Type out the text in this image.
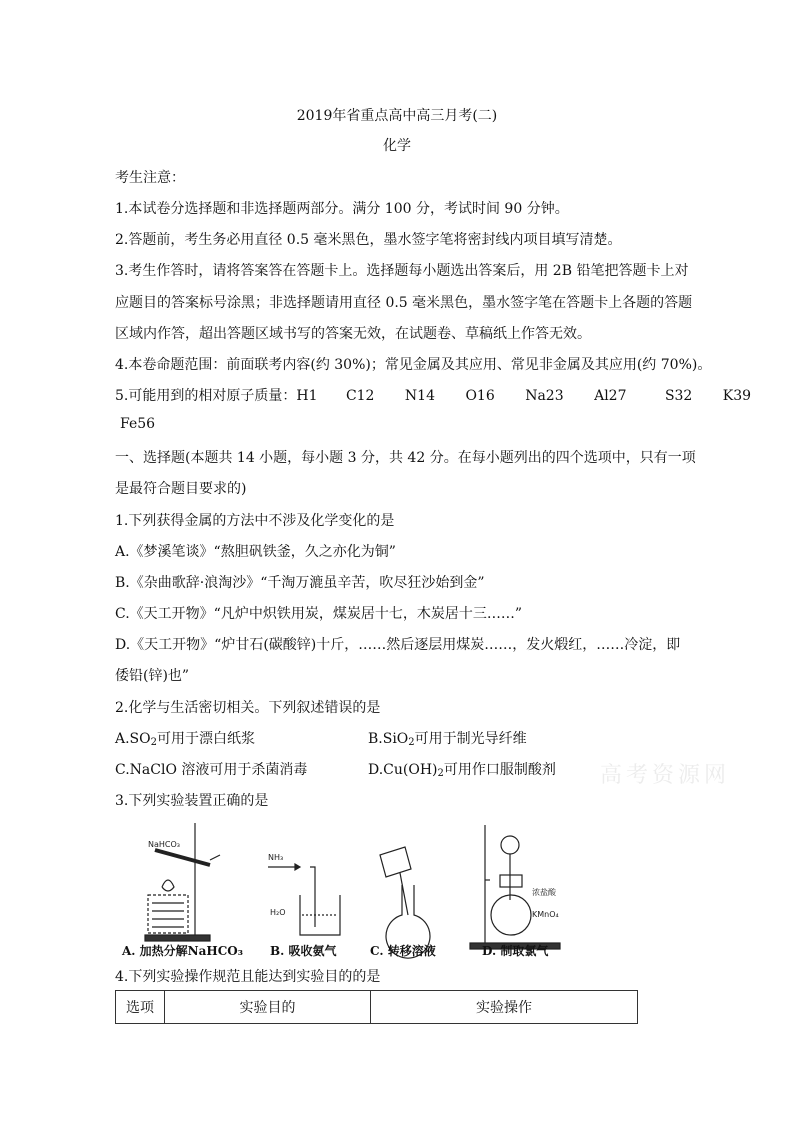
2019年省重点高中高三月考(二)
化学
考生注意：
1.本试卷分选择题和非选择题两部分。满分 100 分，考试时间 90 分钟。
2.答题前，考生务必用直径 0.5 毫米黑色，墨水签字笔将密封线内项目填写清楚。
3.考生作答时，请将答案答在答题卡上。选择题每小题选出答案后，用 2B 铅笔把答题卡上对
应题目的答案标号涂黑；非选择题请用直径 0.5 毫米黑色，墨水签字笔在答题卡上各题的答题
区域内作答，超出答题区域书写的答案无效，在试题卷、草稿纸上作答无效。
4.本卷命题范围：前面联考内容(约 30%)；常见金属及其应用、常见非金属及其应用(约 70%)。
5.可能用到的相对原子质量：H1 C12 N14 O16 Na23 Al27	S32 K39
Fe56
一、选择题(本题共 14 小题，每小题 3 分，共 42 分。在每小题列出的四个选项中，只有一项
是最符合题目要求的)
1.下列获得金属的方法中不涉及化学变化的是
A.《梦溪笔谈》“熬胆矾铁釜，久之亦化为铜”
B.《杂曲歌辞·浪淘沙》“千淘万漉虽辛苦，吹尽狂沙始到金”
C.《天工开物》“凡炉中炽铁用炭，煤炭居十七，木炭居十三……”
D.《天工开物》“炉甘石(碳酸锌)十斤，……然后逐层用煤炭……，发火煅红，……冷淀，即
倭铅(锌)也”
2.化学与生活密切相关。下列叙述错误的是
$A.SO_2$可用于漂白纸浆	B.SiO$_2$可用于制光导纤维
C.NaClO 溶液可用于杀菌消毒	$D.Cu(OH)_2$可用作口服制酸剂 高考资源网
3.下列实验装置正确的是
NaHCO₃
NH₃
H₂O
浓盐酸
KMnO₄
A. 加热分解NaHCO₃ B. 吸收氨气	C. 转移溶液	D. 制取氯气
4.下列实验操作规范且能达到实验目的的是
选项	实验目的	实验操作
